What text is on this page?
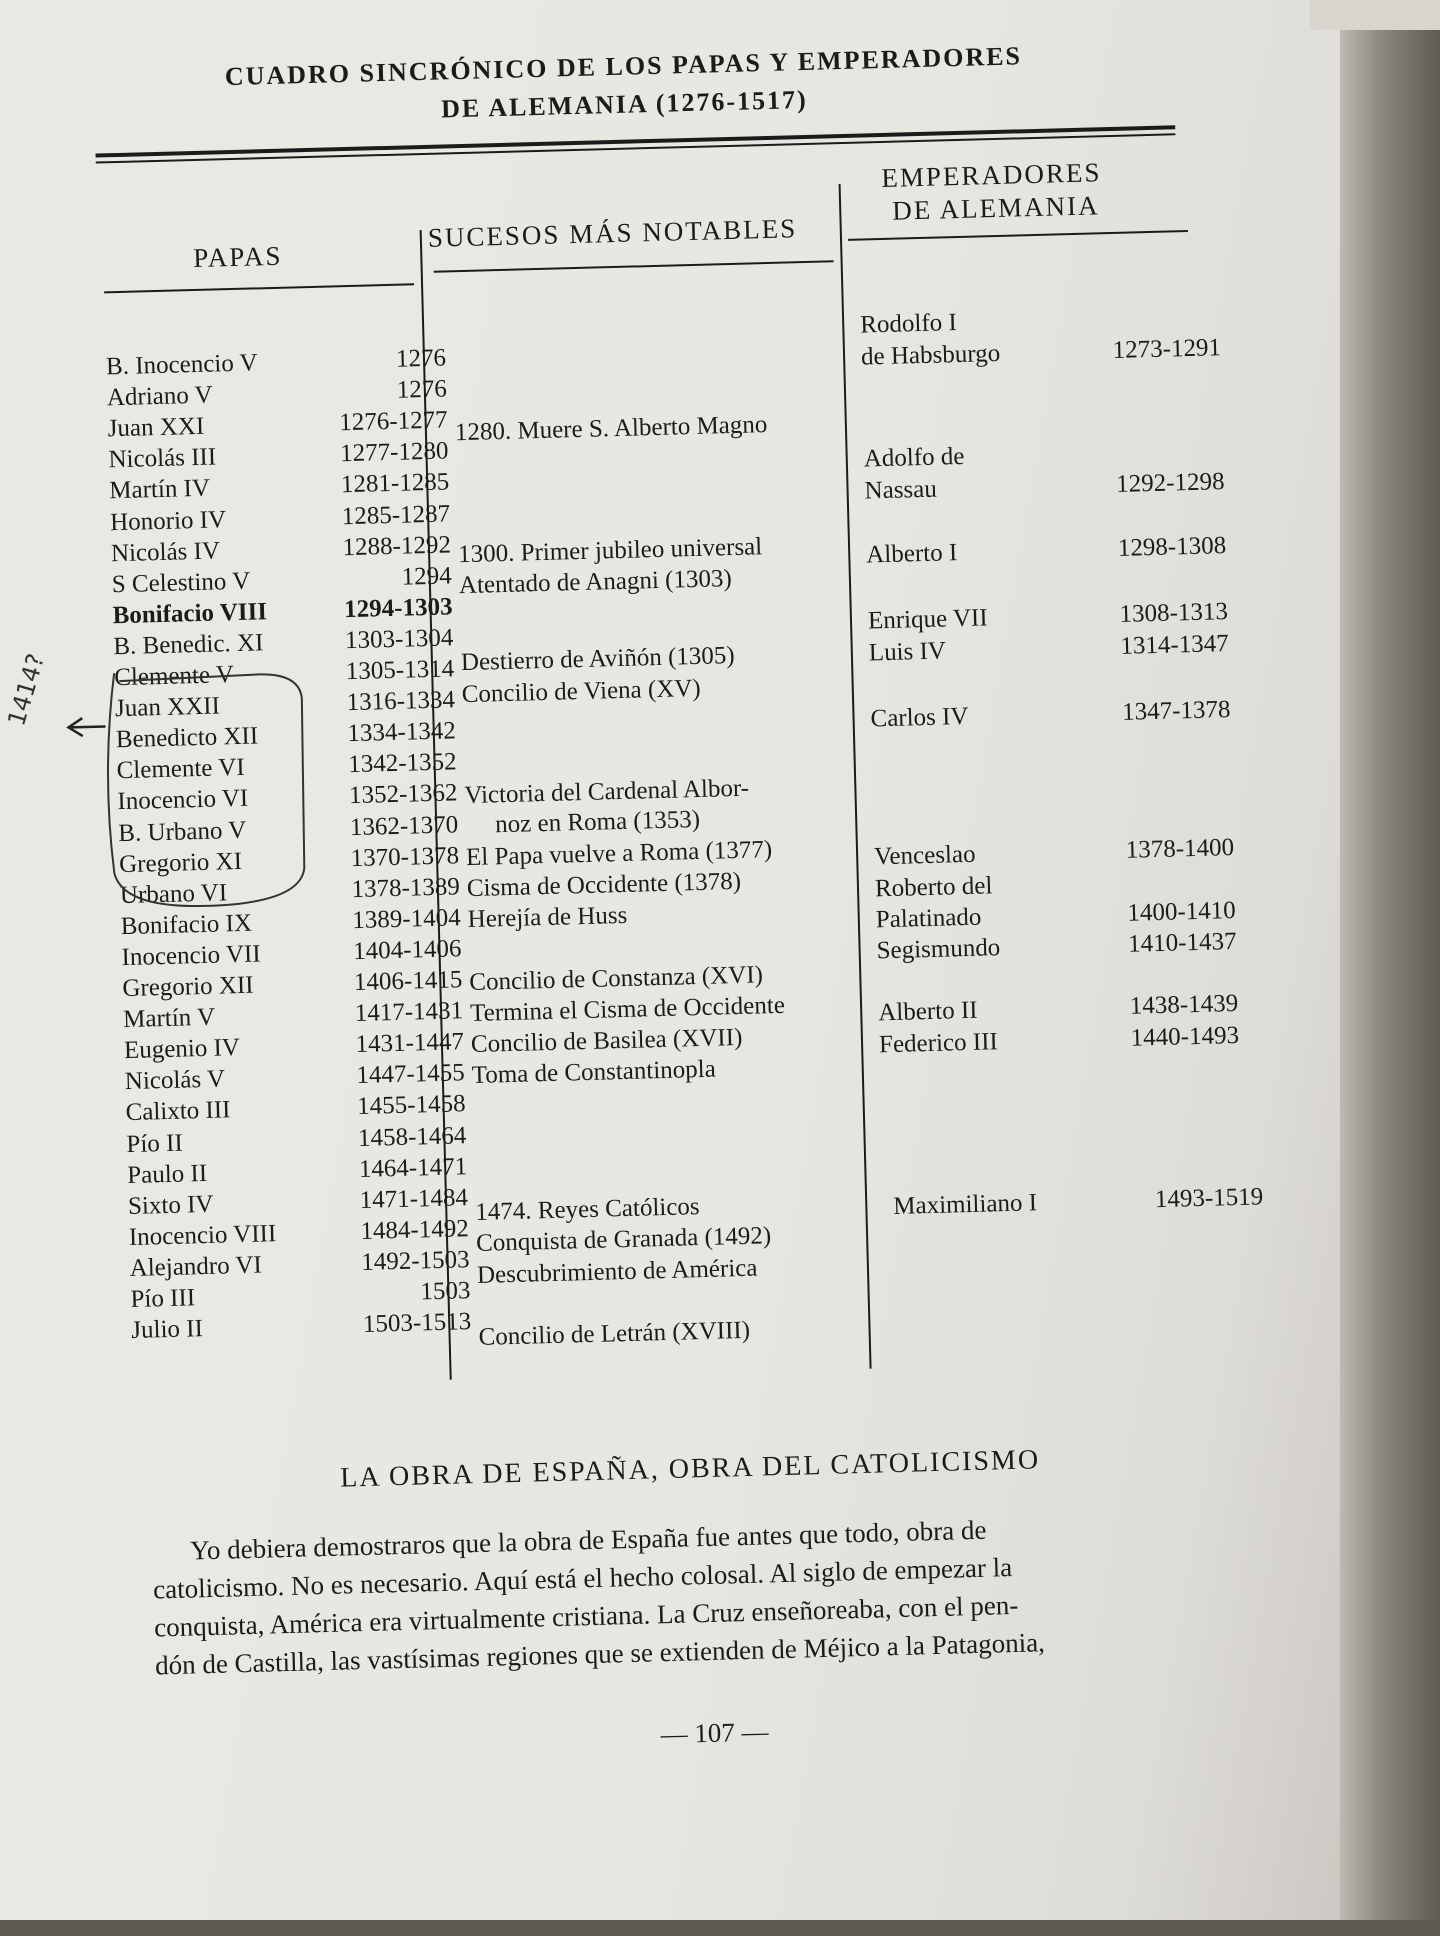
CUADRO SINCRÓNICO DE LOS PAPAS Y EMPERADORES
DE ALEMANIA (1276-1517)
PAPAS
SUCESOS MÁS NOTABLES
EMPERADORES
DE ALEMANIA
B. Inocencio V	1276
Adriano V	1276
Juan XXI	1276-1277
Nicolás III	1277-1280
Martín IV	1281-1285
Honorio IV	1285-1287
Nicolás IV	1288-1292
S Celestino V	1294
Bonifacio VIII	1294-1303
B. Benedic. XI	1303-1304
Clemente V	1305-1314
Juan XXII	1316-1334
Benedicto XII	1334-1342
Clemente VI	1342-1352
Inocencio VI	1352-1362
B. Urbano V	1362-1370
Gregorio XI	1370-1378
Urbano VI	1378-1389
Bonifacio IX	1389-1404
Inocencio VII	1404-1406
Gregorio XII	1406-1415
Martín V	1417-1431
Eugenio IV	1431-1447
Nicolás V	1447-1455
Calixto III	1455-1458
Pío II	1458-1464
Paulo II	1464-1471
Sixto IV	1471-1484
Inocencio VIII	1484-1492
Alejandro VI	1492-1503
Pío III	1503
Julio II	1503-1513
1280. Muere S. Alberto Magno
1300. Primer jubileo universal
Atentado de Anagni (1303)
Destierro de Aviñón (1305)
Concilio de Viena (XV)
Victoria del Cardenal Albor-
noz en Roma (1353)
El Papa vuelve a Roma (1377)
Cisma de Occidente (1378)
Herejía de Huss
Concilio de Constanza (XVI)
Termina el Cisma de Occidente
Concilio de Basilea (XVII)
Toma de Constantinopla
1474. Reyes Católicos
Conquista de Granada (1492)
Descubrimiento de América
Concilio de Letrán (XVIII)
Rodolfo I
de Habsburgo	1273-1291
Adolfo de
Nassau	1292-1298
Alberto I	1298-1308
Enrique VII	1308-1313
Luis IV	1314-1347
Carlos IV	1347-1378
Venceslao	1378-1400
Roberto del
Palatinado	1400-1410
Segismundo	1410-1437
Alberto II	1438-1439
Federico III	1440-1493
Maximiliano I	1493-1519
LA OBRA DE ESPAÑA, OBRA DEL CATOLICISMO
Yo debiera demostraros que la obra de España fue antes que todo, obra de
catolicismo. No es necesario. Aquí está el hecho colosal. Al siglo de empezar la
conquista, América era virtualmente cristiana. La Cruz enseñoreaba, con el pen-
dón de Castilla, las vastísimas regiones que se extienden de Méjico a la Patagonia,
— 107 —
1414?
